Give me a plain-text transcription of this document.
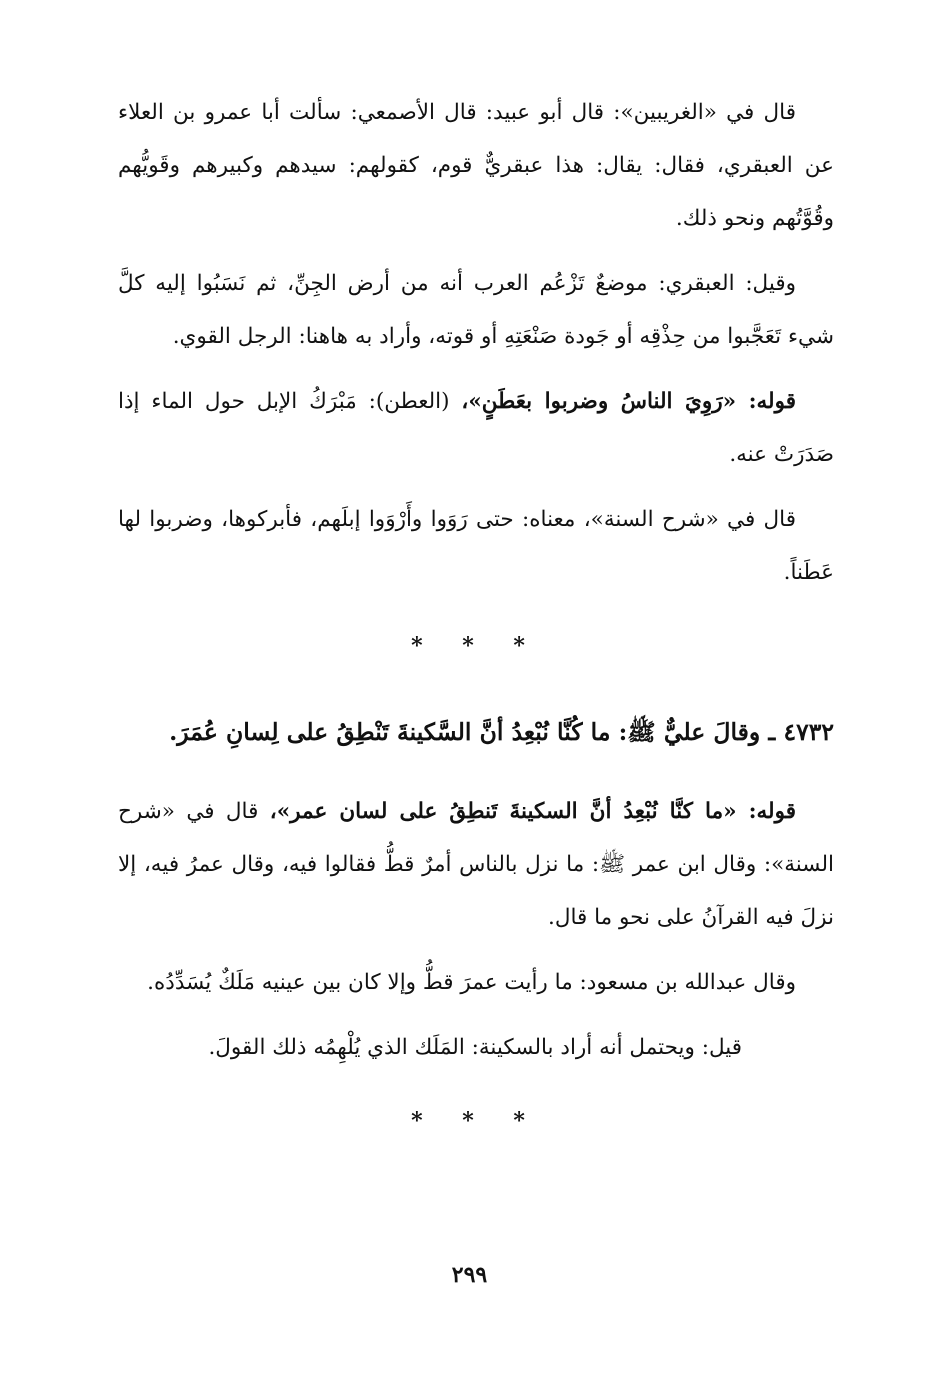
قال في «الغريبين»: قال أبو عبيد: قال الأصمعي: سألت أبا عمرو بن العلاء عن العبقري، فقال: يقال: هذا عبقريٌّ قوم، كقولهم: سيدهم وكبيرهم وقَويُّهم وقُوَّتُهم ونحو ذلك.

وقيل: العبقري: موضعٌ تَزْعُم العرب أنه من أرض الجِنِّ، ثم نَسَبُوا إليه كلَّ شيء تَعَجَّبوا من حِذْقِه أو جَودة صَنْعَتِهِ أو قوته، وأراد به هاهنا: الرجل القوي.

قوله: «رَوِيَ الناسُ وضربوا بعَطَنٍ»، (العطن): مَبْرَكُ الإبل حول الماء إذا صَدَرَتْ عنه.

قال في «شرح السنة»، معناه: حتى رَوَوا وأَرْوَوا إبلَهم، فأبركوها، وضربوا لها عَطَناً.

* * *

٤٧٣٢ ـ وقالَ عليٌّ ﷺ: ما كُنَّا نُبْعِدُ أنَّ السَّكينةَ تَنْطِقُ على لِسانِ عُمَرَ.

قوله: «ما كنَّا نُبْعِدُ أنَّ السكينةَ تَنطِقُ على لسان عمر»، قال في «شرح السنة»: وقال ابن عمر ﷺ: ما نزل بالناس أمرٌ قطُّ فقالوا فيه، وقال عمرُ فيه، إلا نزلَ فيه القرآنُ على نحو ما قال.

وقال عبدالله بن مسعود: ما رأيت عمرَ قطُّ وإلا كان بين عينيه مَلَكٌ يُسَدِّدُه.

قيل: ويحتمل أنه أراد بالسكينة: المَلَك الذي يُلْهِمُه ذلك القولَ.

* * *
٢٩٩
